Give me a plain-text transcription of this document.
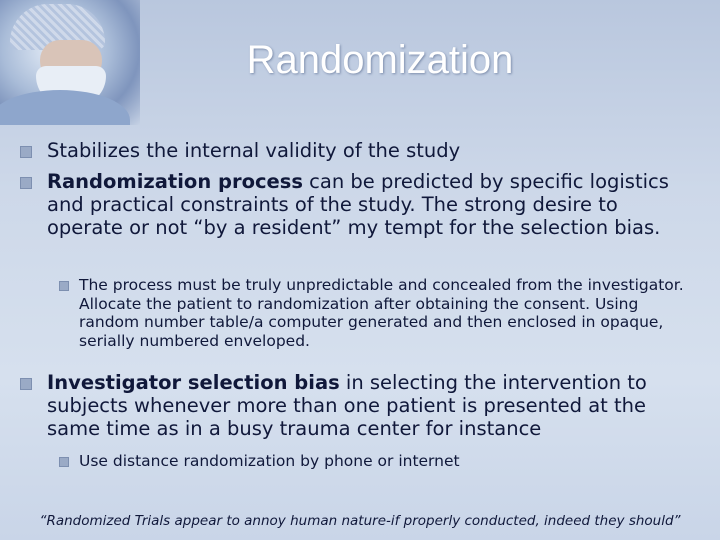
Randomization

Stabilizes the internal validity of the study

Randomization process can be predicted by specific logistics and practical constraints of the study. The strong desire to operate or not “by a resident” my tempt for the selection bias.

The process must be truly unpredictable and concealed from the investigator. Allocate the patient to randomization after obtaining the consent. Using random number table/a computer generated and then enclosed in opaque, serially numbered enveloped.

Investigator selection bias in selecting the intervention to subjects whenever more than one patient is presented at the same time as in a busy trauma center for instance

Use distance randomization by phone or internet

“Randomized Trials appear to annoy human nature-if properly conducted, indeed they should”
